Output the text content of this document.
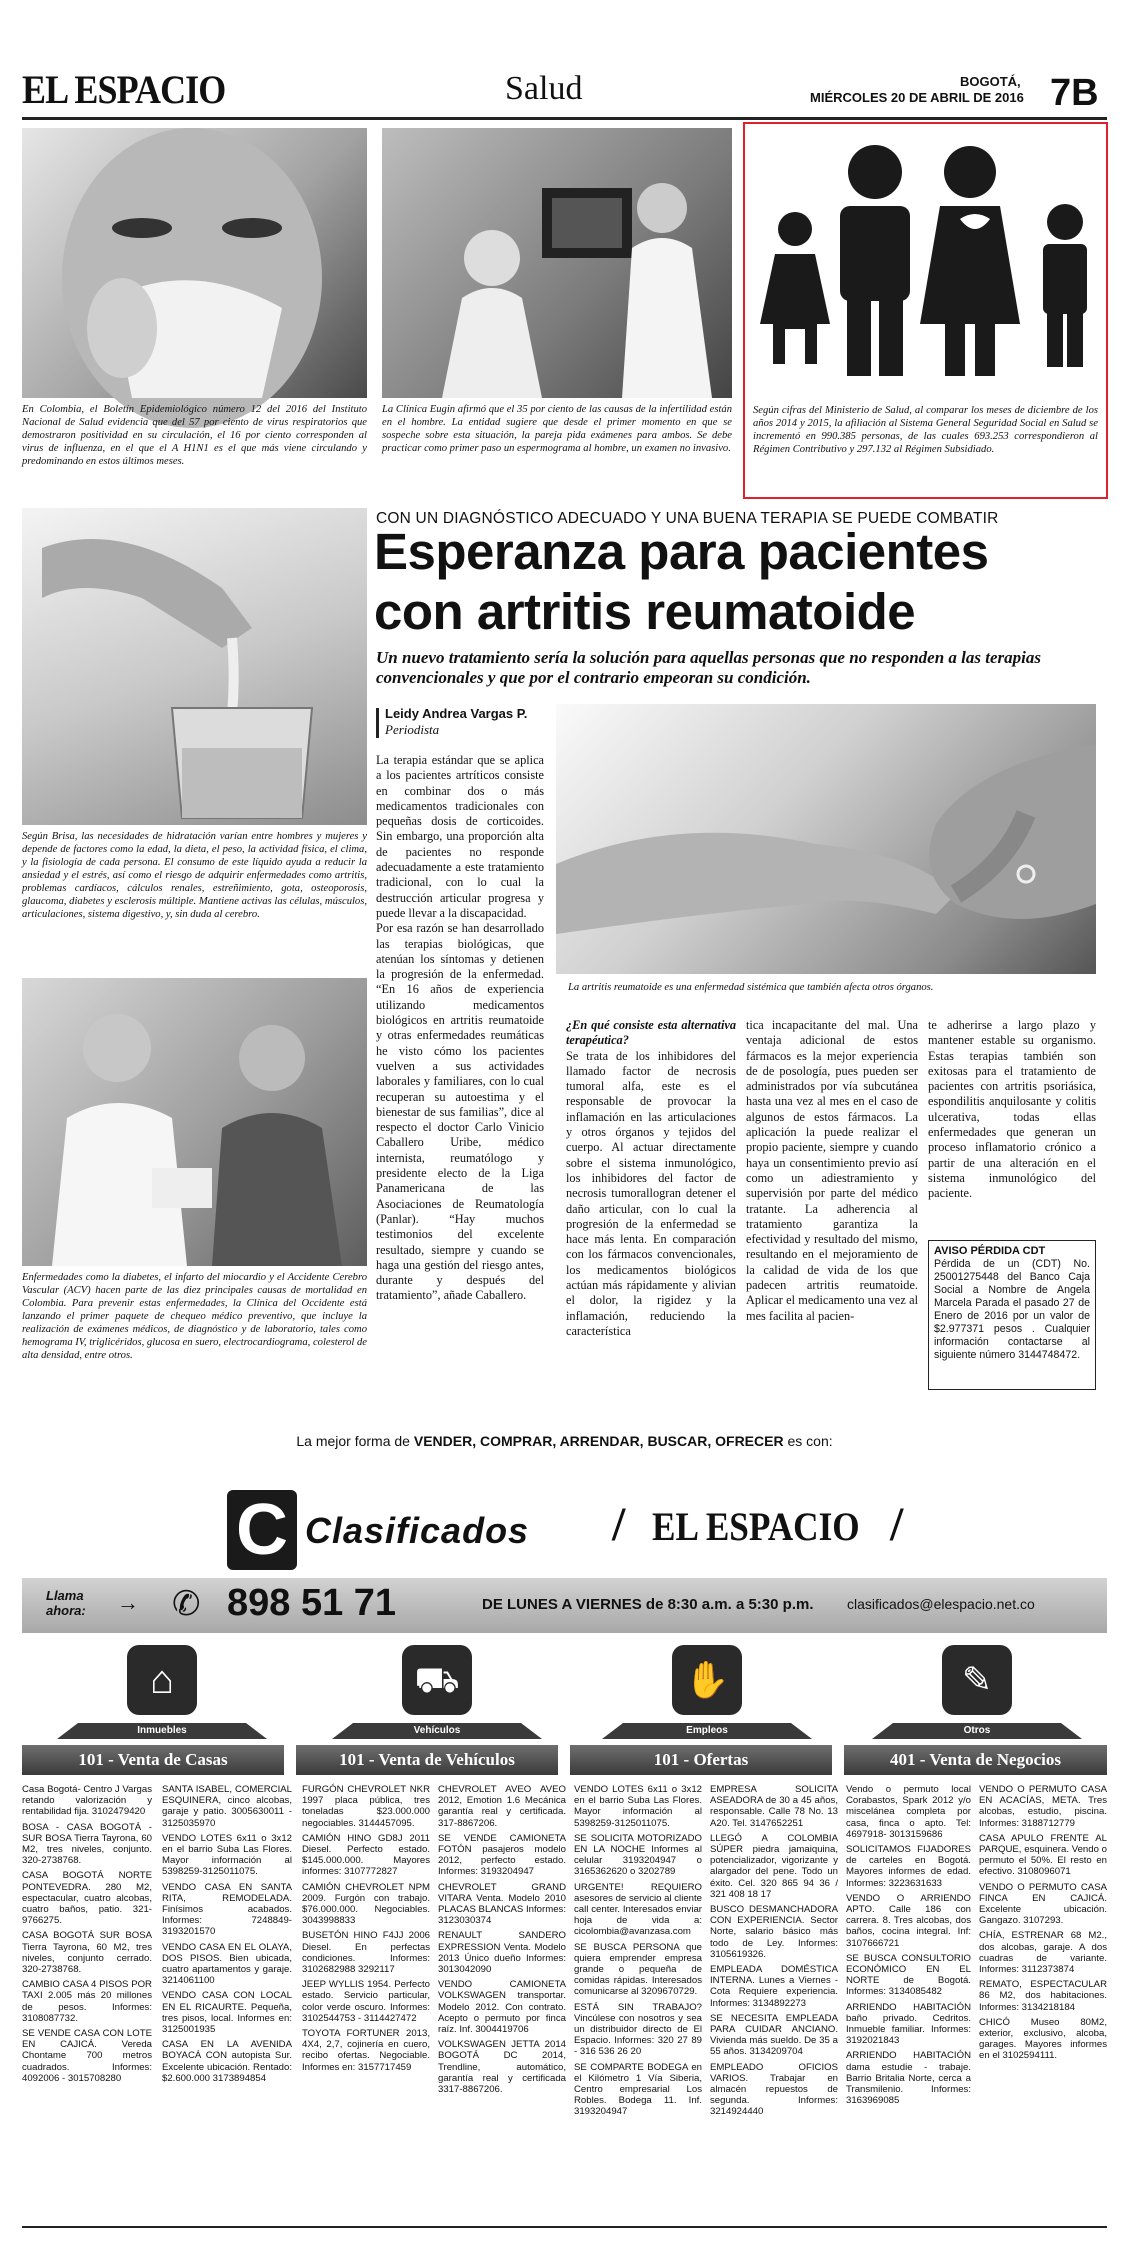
EL ESPACIO	Salud	BOGOTÁ,
MIÉRCOLES 20 DE ABRIL DE 2016 7B
En Colombia, el Boletín Epidemiológico número 12 del 2016 del Instituto Nacional de Salud evidencia que del 57 por ciento de virus respiratorios que demostraron positividad en su circulación, el 16 por ciento corresponden al virus de influenza, en el que el A H1N1 es el que más viene circulando y predominando en estos últimos meses.
La Clínica Eugin afirmó que el 35 por ciento de las causas de la infertilidad están en el hombre. La entidad sugiere que desde el primer momento en que se sospeche sobre esta situación, la pareja pida exámenes para ambos. Se debe practicar como primer paso un espermograma al hombre, un examen no invasivo.
Según cifras del Ministerio de Salud, al comparar los meses de diciembre de los años 2014 y 2015, la afiliación al Sistema General Seguridad Social en Salud se incrementó en 990.385 personas, de las cuales 693.253 correspondieron al Régimen Contributivo y 297.132 al Régimen Subsidiado.
Según Brisa, las necesidades de hidratación varían entre hombres y mujeres y depende de factores como la edad, la dieta, el peso, la actividad física, el clima, y la fisiología de cada persona. El consumo de este líquido ayuda a reducir la ansiedad y el estrés, así como el riesgo de adquirir enfermedades como artritis, problemas cardíacos, cálculos renales, estreñimiento, gota, osteoporosis, glaucoma, diabetes y esclerosis múltiple. Mantiene activas las células, músculos, articulaciones, sistema digestivo, y, sin duda al cerebro.
Enfermedades como la diabetes, el infarto del miocardio y el Accidente Cerebro Vascular (ACV) hacen parte de las diez principales causas de mortalidad en Colombia. Para prevenir estas enfermedades, la Clínica del Occidente está lanzando el primer paquete de chequeo médico preventivo, que incluye la realización de exámenes médicos, de diagnóstico y de laboratorio, tales como hemograma IV, triglicéridos, glucosa en suero, electrocardiograma, colesterol de alta densidad, entre otros.
CON UN DIAGNÓSTICO ADECUADO Y UNA BUENA TERAPIA SE PUEDE COMBATIR
Esperanza para pacientes
con artritis reumatoide
Un nuevo tratamiento sería la solución para aquellas personas que no responden a las terapias convencionales y que por el contrario empeoran su condición.
Leidy Andrea Vargas P.
Periodista

La terapia estándar que se aplica a los pacientes artríticos consiste en combinar dos o más medicamentos tradicionales con pequeñas dosis de corticoides. Sin embargo, una proporción alta de pacientes no responde adecuadamente a este tratamiento tradicional, con lo cual la destrucción articular progresa y puede llevar a la discapacidad.

Por esa razón se han desarrollado las terapias biológicas, que atenúan los síntomas y detienen la progresión de la enfermedad. “En 16 años de experiencia utilizando medicamentos biológicos en artritis reumatoide y otras enfermedades reumáticas he visto cómo los pacientes vuelven a sus actividades laborales y familiares, con lo cual recuperan su autoestima y el bienestar de sus familias”, dice al respecto el doctor Carlo Vinicio Caballero Uribe, médico internista, reumatólogo y presidente electo de la Liga Panamericana de las Asociaciones de Reumatología (Panlar). “Hay muchos testimonios del excelente resultado, siempre y cuando se haga una gestión del riesgo antes, durante y después del tratamiento”, añade Caballero.

La artritis reumatoide es una enfermedad sistémica que también afecta otros órganos.

¿En qué consiste esta alternativa terapéutica?

Se trata de los inhibidores del llamado factor de necrosis tumoral alfa, este es el responsable de provocar la inflamación en las articulaciones y otros órganos y tejidos del cuerpo. Al actuar directamente sobre el sistema inmunológico, los inhibidores del factor de necrosis tumorallogran detener el daño articular, con lo cual la progresión de la enfermedad se hace más lenta. En comparación con los fármacos convencionales, los medicamentos biológicos actúan más rápidamente y alivian el dolor, la rigidez y la inflamación, reduciendo la característica

tica incapacitante del mal. Una ventaja adicional de estos fármacos es la mejor experiencia de de posología, pues pueden ser administrados por vía subcutánea hasta una vez al mes en el caso de algunos de estos fármacos. La aplicación la puede realizar el propio paciente, siempre y cuando haya un consentimiento previo así como un adiestramiento y supervisión por parte del médico tratante. La adherencia al tratamiento garantiza la efectividad y resultado del mismo, resultando en el mejoramiento de la calidad de vida de los que padecen artritis reumatoide. Aplicar el medicamento una vez al mes facilita al pacien-
te adherirse a largo plazo y mantener estable su organismo. Estas terapias también son exitosas para el tratamiento de pacientes con artritis psoriásica, espondilitis anquilosante y colitis ulcerativa, todas ellas enfermedades que generan un proceso inflamatorio crónico a partir de una alteración en el sistema inmunológico del paciente.
AVISO PÉRDIDA CDT
Pérdida de un (CDT) No. 25001275448 del Banco Caja Social a Nombre de Angela Marcela Parada el pasado 27 de Enero de 2016 por un valor de $2.977371 pesos . Cualquier información contactarse al siguiente número 3144748472.
La mejor forma de VENDER, COMPRAR, ARRENDAR, BUSCAR, OFRECER es con:
C Clasificados / EL ESPACIO /
Llama ahora:	→ ✆ 898 51 71	DE LUNES A VIERNES de 8:30 a.m. a 5:30 p.m. clasificados@elespacio.net.co
⌂
Inmuebles
⛟
Vehículos
✋
Empleos
✎
Otros
101 - Venta de Casas	101 - Venta de Vehículos	101 - Ofertas	401 - Venta de Negocios
Casa Bogotá- Centro J Vargas retando valorización y rentabilidad fija. 3102479420
BOSA - CASA BOGOTÁ - SUR BOSA Tierra Tayrona, 60 M2, tres niveles, conjunto. 320-2738768.
CASA BOGOTÁ NORTE PONTEVEDRA. 280 M2, espectacular, cuatro alcobas, cuatro baños, patio. 321-9766275.
CASA BOGOTÁ SUR BOSA Tierra Tayrona, 60 M2, tres niveles, conjunto cerrado. 320-2738768.
CAMBIO CASA 4 PISOS POR TAXI 2.005 más 20 millones de pesos. Informes: 3108087732.
SE VENDE CASA CON LOTE EN CAJICÁ. Vereda Chontame 700 metros cuadrados. Informes: 4092006 - 3015708280
SANTA ISABEL, COMERCIAL ESQUINERA, cinco alcobas, garaje y patio. 3005630011 - 3125035970
VENDO LOTES 6x11 o 3x12 en el barrio Suba Las Flores. Mayor información al 5398259-3125011075.
VENDO CASA EN SANTA RITA, REMODELADA. Finísimos acabados. Informes: 7248849-3193201570
VENDO CASA EN EL OLAYA, DOS PISOS. Bien ubicada, cuatro apartamentos y garaje. 3214061100
VENDO CASA CON LOCAL EN EL RICAURTE. Pequeña, tres pisos, local. Informes en: 3125001935
CASA EN LA AVENIDA BOYACÁ CON autopista Sur. Excelente ubicación. Rentado: $2.600.000 3173894854
FURGÓN CHEVROLET NKR 1997 placa pública, tres toneladas $23.000.000 negociables. 3144457095.
CAMIÓN HINO GD8J 2011 Diesel. Perfecto estado. $145.000.000. Mayores informes: 3107772827
CAMIÓN CHEVROLET NPM 2009. Furgón con trabajo. $76.000.000. Negociables. 3043998833
BUSETÓN HINO F4JJ 2006 Diesel. En perfectas condiciones. Informes: 3102682988 3292117
JEEP WYLLIS 1954. Perfecto estado. Servicio particular, color verde oscuro. Informes: 3102544753 - 3114427472
TOYOTA FORTUNER 2013, 4X4, 2,7, cojinería en cuero, recibo ofertas. Negociable. Informes en: 3157717459
CHEVROLET AVEO AVEO 2012, Emotion 1.6 Mecánica garantía real y certificada. 317-8867206.
SE VENDE CAMIONETA FOTÓN pasajeros modelo 2012, perfecto estado. Informes: 3193204947
CHEVROLET GRAND VITARA Venta. Modelo 2010 PLACAS BLANCAS Informes: 3123030374
RENAULT SANDERO EXPRESSION Venta. Modelo 2013 Único dueño Informes: 3013042090
VENDO CAMIONETA VOLKSWAGEN transportar. Modelo 2012. Con contrato. Acepto o permuto por finca raíz. Inf. 3004419706
VOLKSWAGEN JETTA 2014 BOGOTÁ DC 2014, Trendline, automático, garantía real y certificada 3317-8867206.
VENDO LOTES 6x11 o 3x12 en el barrio Suba Las Flores. Mayor información al 5398259-3125011075.
SE SOLICITA MOTORIZADO EN LA NOCHE Informes al celular 3193204947 o 3165362620 o 3202789
URGENTE! REQUIERO asesores de servicio al cliente call center. Interesados enviar hoja de vida a: cicolombia@avanzasa.com
SE BUSCA PERSONA que quiera emprender empresa grande o pequeña de comidas rápidas. Interesados comunicarse al 3209670729.
ESTÁ SIN TRABAJO? Vincúlese con nosotros y sea un distribuidor directo de El Espacio. Informes: 320 27 89 - 316 536 26 20
SE COMPARTE BODEGA en el Kilómetro 1 Vía Siberia, Centro empresarial Los Robles. Bodega 11. Inf. 3193204947
EMPRESA SOLICITA ASEADORA de 30 a 45 años, responsable. Calle 78 No. 13 A20. Tel. 3147652251
LLEGÓ A COLOMBIA SÚPER piedra jamaiquina, potencializador, vigorizante y alargador del pene. Todo un éxito. Cel. 320 865 94 36 / 321 408 18 17
BUSCO DESMANCHADORA CON EXPERIENCIA. Sector Norte, salario básico más todo de Ley. Informes: 3105619326.
EMPLEADA DOMÉSTICA INTERNA. Lunes a Viernes - Cota Requiere experiencia. Informes: 3134892273
SE NECESITA EMPLEADA PARA CUIDAR ANCIANO. Vivienda más sueldo. De 35 a 55 años. 3134209704
EMPLEADO OFICIOS VARIOS. Trabajar en almacén repuestos de segunda. Informes: 3214924440
Vendo o permuto local Corabastos, Spark 2012 y/o miscelánea completa por casa, finca o apto. Tel: 4697918- 3013159686
SOLICITAMOS FIJADORES de carteles en Bogotá. Mayores informes de edad. Informes: 3223631633
VENDO O ARRIENDO APTO. Calle 186 con carrera. 8. Tres alcobas, dos baños, cocina integral. Inf: 3107666721
SE BUSCA CONSULTORIO ECONÓMICO EN EL NORTE de Bogotá. Informes: 3134085482
ARRIENDO HABITACIÓN baño privado. Cedritos. Inmueble familiar. Informes: 3192021843
ARRIENDO HABITACIÓN dama estudie - trabaje. Barrio Britalia Norte, cerca a Transmilenio. Informes: 3163969085
VENDO O PERMUTO CASA EN ACACÍAS, META. Tres alcobas, estudio, piscina. Informes: 3188712779
CASA APULO FRENTE AL PARQUE, esquinera. Vendo o permuto el 50%. El resto en efectivo. 3108096071
VENDO O PERMUTO CASA FINCA EN CAJICÁ. Excelente ubicación. Gangazo. 3107293.
CHÍA, ESTRENAR 68 M2., dos alcobas, garaje. A dos cuadras de variante. Informes: 3112373874
REMATO, ESPECTACULAR 86 M2, dos habitaciones. Informes: 3134218184
CHICÓ Museo 80M2, exterior, exclusivo, alcoba, garages. Mayores informes en el 3102594111.
